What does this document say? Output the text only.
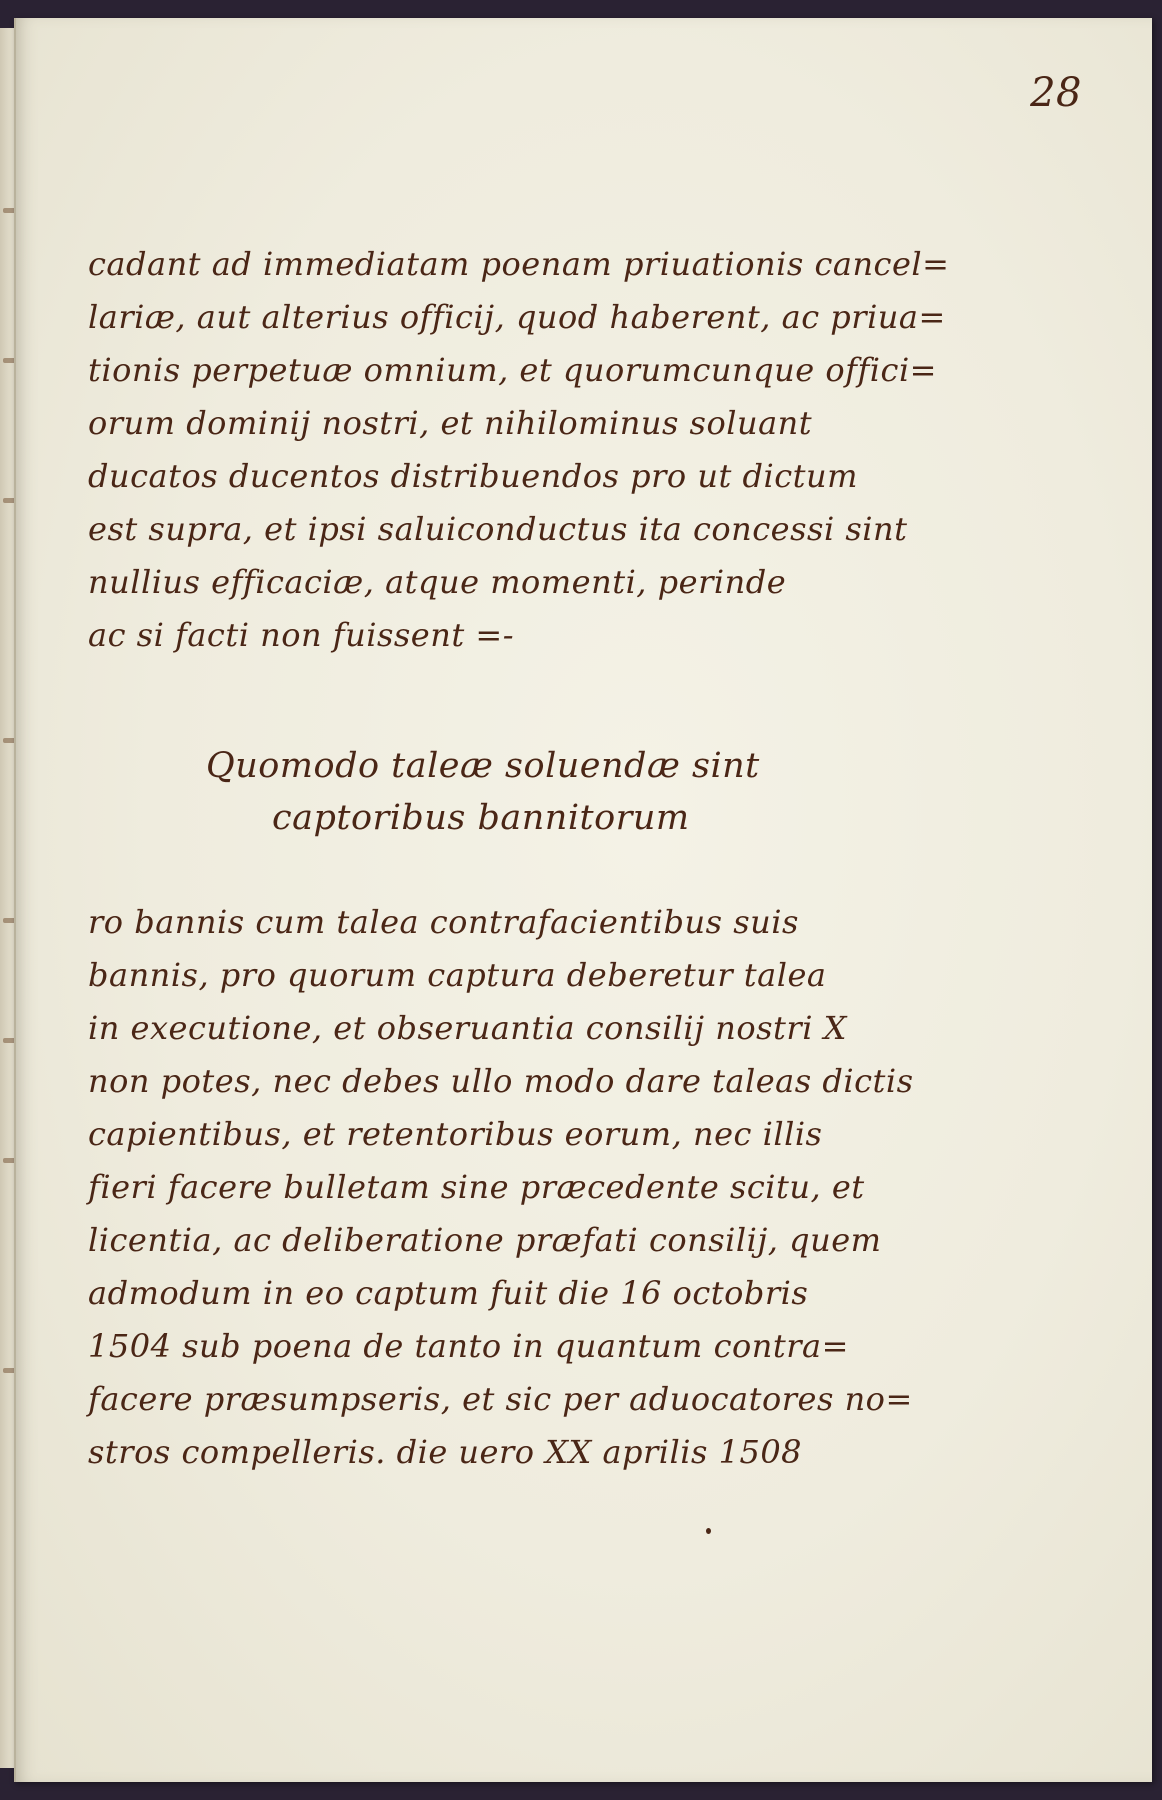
28
cadant ad immediatam poenam priuationis cancel=
lariæ, aut alterius officij, quod haberent, ac priua=
tionis perpetuæ omnium, et quorumcunque offici=
orum dominij nostri, et nihilominus soluant
ducatos ducentos distribuendos pro ut dictum
est supra, et ipsi saluiconductus ita concessi sint
nullius efficaciæ, atque momenti, perinde
ac si facti non fuissent =-
Quomodo taleæ soluendæ sint
captoribus bannitorum
ro bannis cum talea contrafacientibus suis
bannis, pro quorum captura deberetur talea
in executione, et obseruantia consilij nostri X
non potes, nec debes ullo modo dare taleas dictis
capientibus, et retentoribus eorum, nec illis
fieri facere bulletam sine præcedente scitu, et
licentia, ac deliberatione præfati consilij, quem
admodum in eo captum fuit die 16 octobris
1504 sub poena de tanto in quantum contra=
facere præsumpseris, et sic per aduocatores no=
stros compelleris. die uero XX aprilis 1508
